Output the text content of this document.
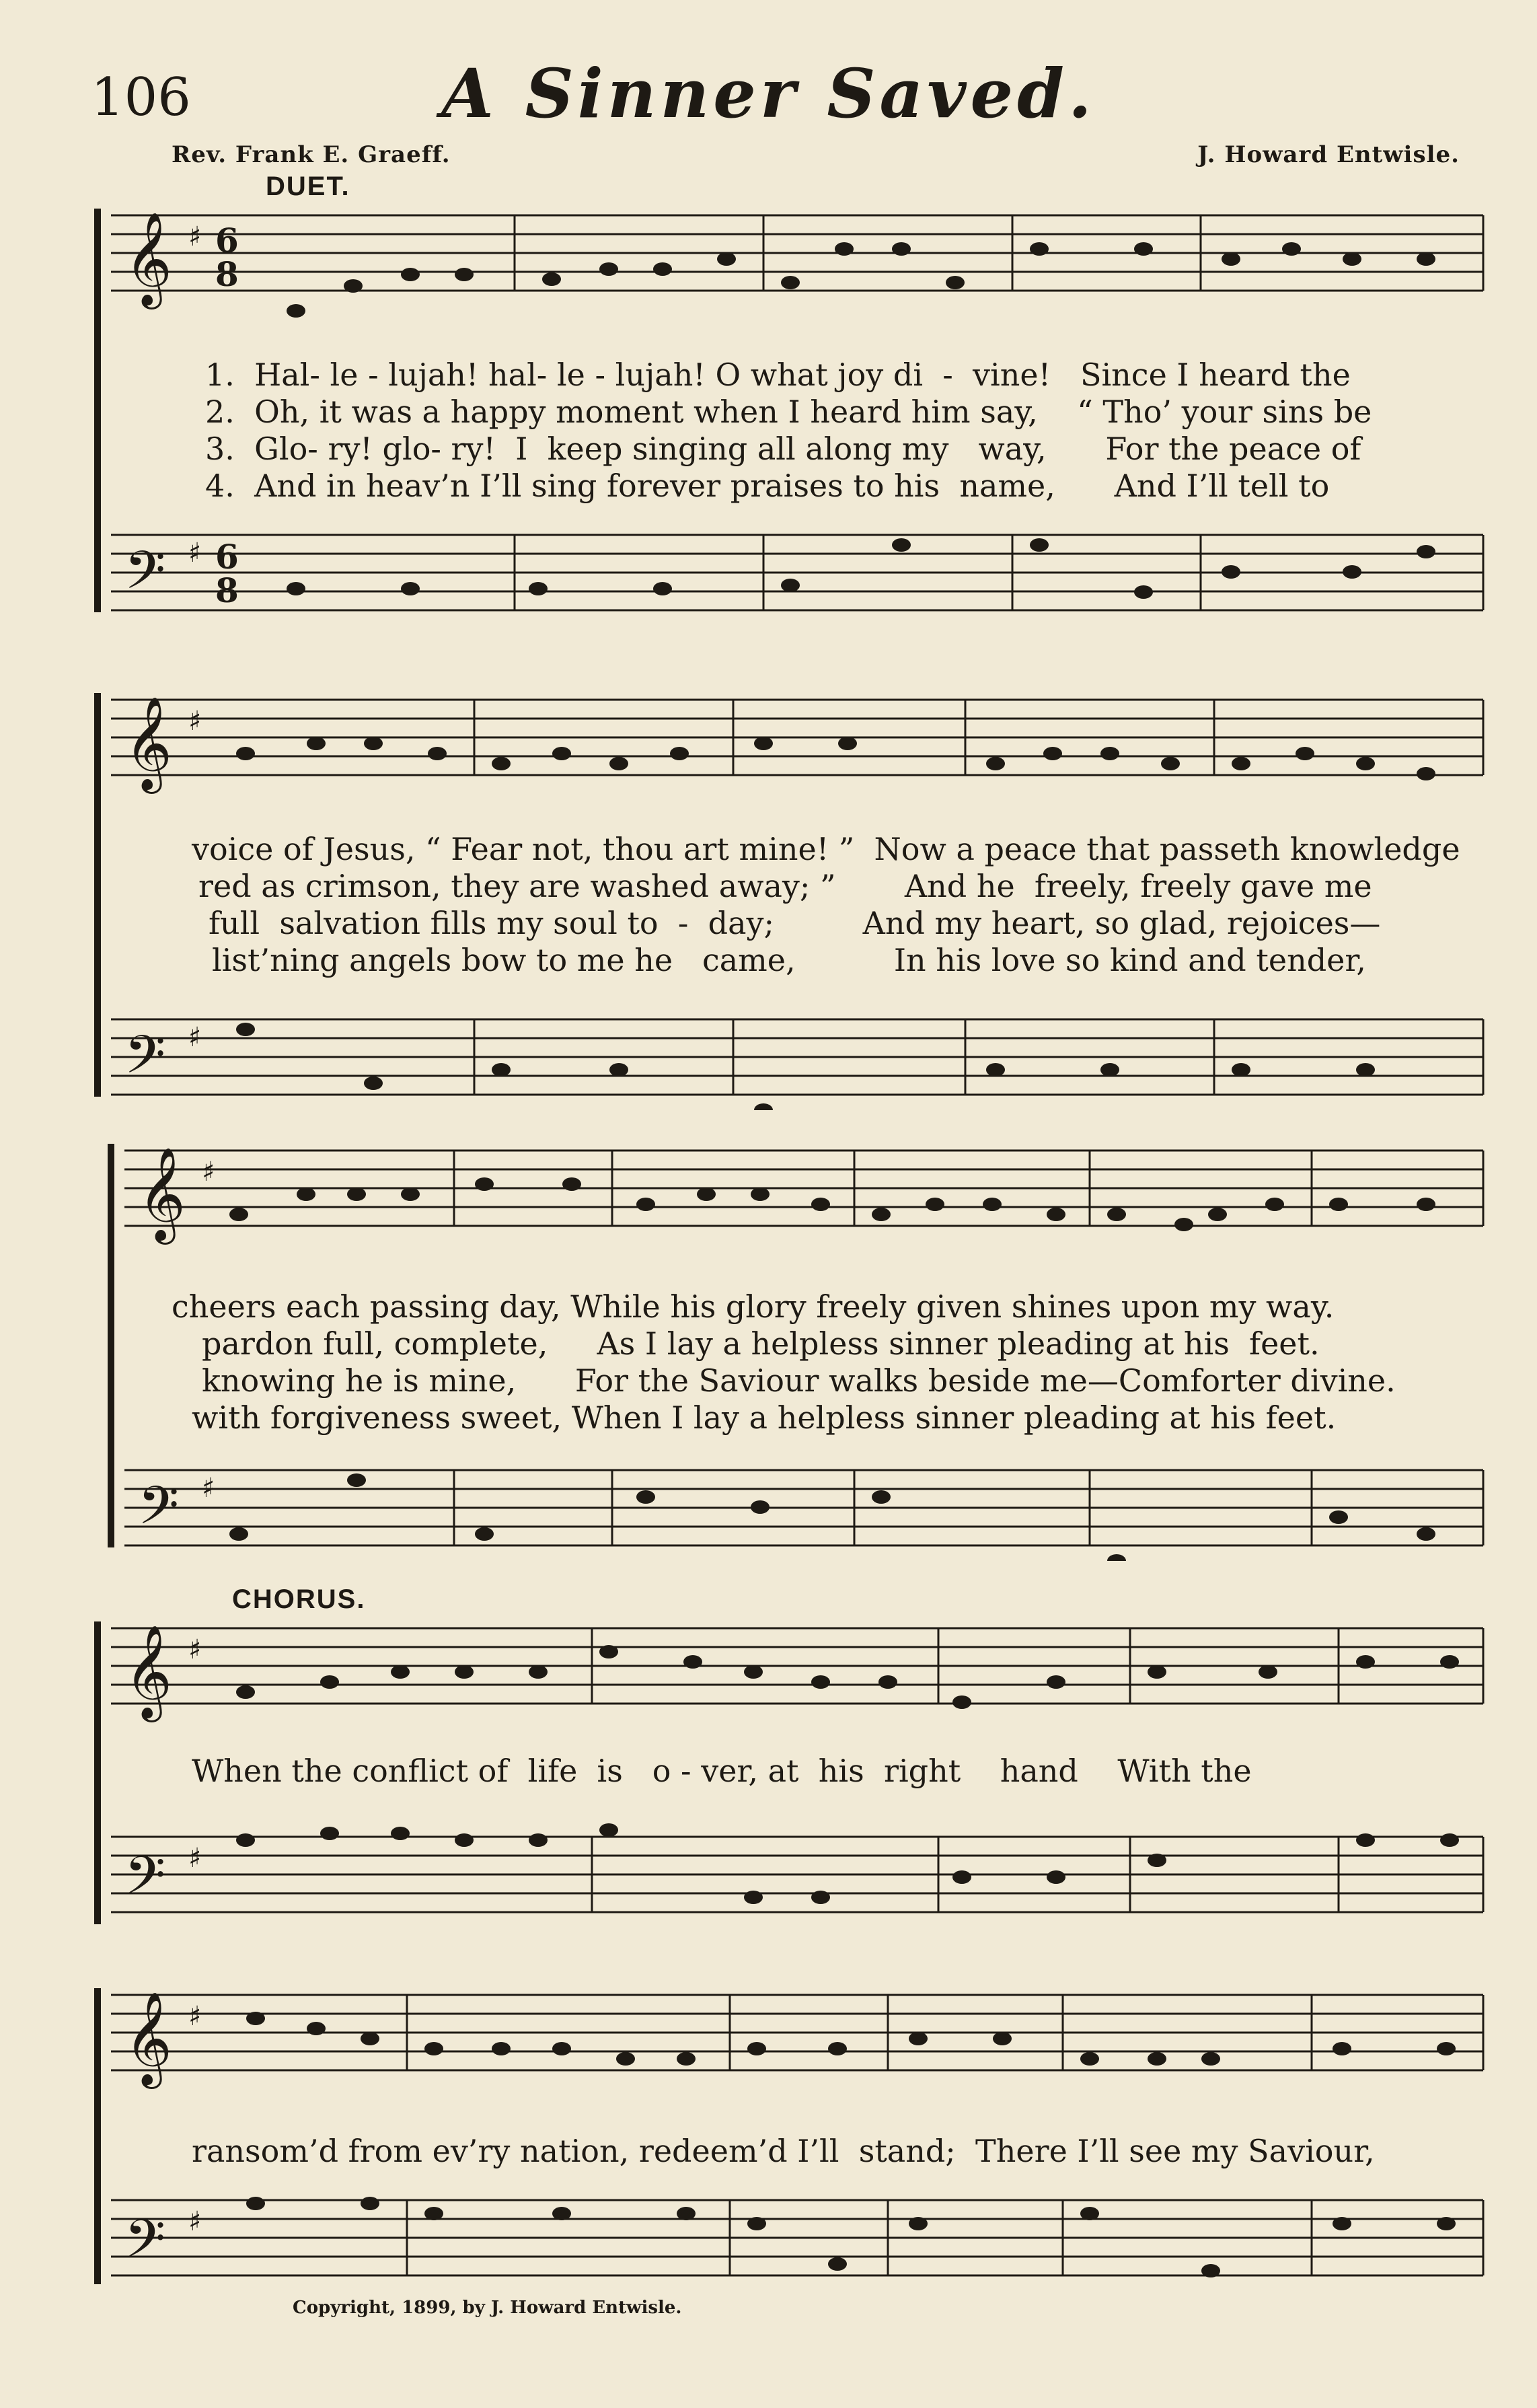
106	A Sinner Saved.
Rev. Frank E. Graeff.	J. Howard Entwisle.
DUET.
CHORUS.
𝄞
𝄢
♯
♯
6
8
6
8
1.  Hal- le - lujah! hal- le - lujah! O what joy di  -  vine!   Since I heard the
2.  Oh, it was a happy moment when I heard him say,    “ Tho’ your sins be
3.  Glo- ry! glo- ry!  I  keep singing all along my   way,      For the peace of
4.  And in heav’n I’ll sing forever praises to his  name,      And I’ll tell to
𝄞
𝄢
♯
♯
voice of Jesus, “ Fear not, thou art mine! ”  Now a peace that passeth knowledge
red as crimson, they are washed away; ”       And he  freely, freely gave me
full  salvation fills my soul to  -  day;         And my heart, so glad, rejoices—
list’ning angels bow to me he   came,          In his love so kind and tender,
𝄞
𝄢
♯
♯
cheers each passing day, While his glory freely given shines upon my way.
pardon full, complete,     As I lay a helpless sinner pleading at his  feet.
knowing he is mine,      For the Saviour walks beside me—Comforter divine.
with forgiveness sweet, When I lay a helpless sinner pleading at his feet.
𝄞
𝄢
♯
♯
When the conflict of  life  is   o - ver, at  his  right    hand    With the
𝄞
𝄢
♯
♯
ransom’d from ev’ry nation, redeem’d I’ll  stand;  There I’ll see my Saviour,
Copyright, 1899, by J. Howard Entwisle.
